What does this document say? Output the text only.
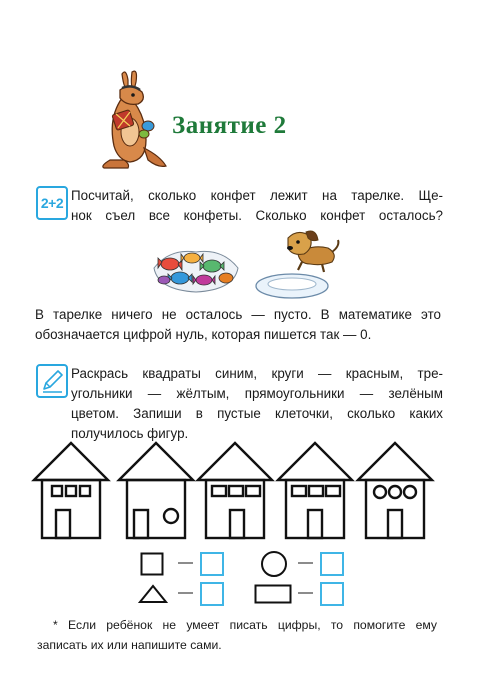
Занятие 2
2+2 Посчитай, сколько конфет лежит на тарелке. Ще-
нок съел все конфеты. Сколько конфет осталось?
В тарелке ничего не осталось — пусто. В математике это
обозначается цифрой нуль, которая пишется так — 0.
Раскрась квадраты синим, круги — красным, тре-
угольники — жёлтым, прямоугольники — зелёным
цветом. Запиши в пустые клеточки, сколько каких
получилось фигур.
—	—
—	—
* Если ребёнок не умеет писать цифры, то помогите ему
записать их или напишите сами.
